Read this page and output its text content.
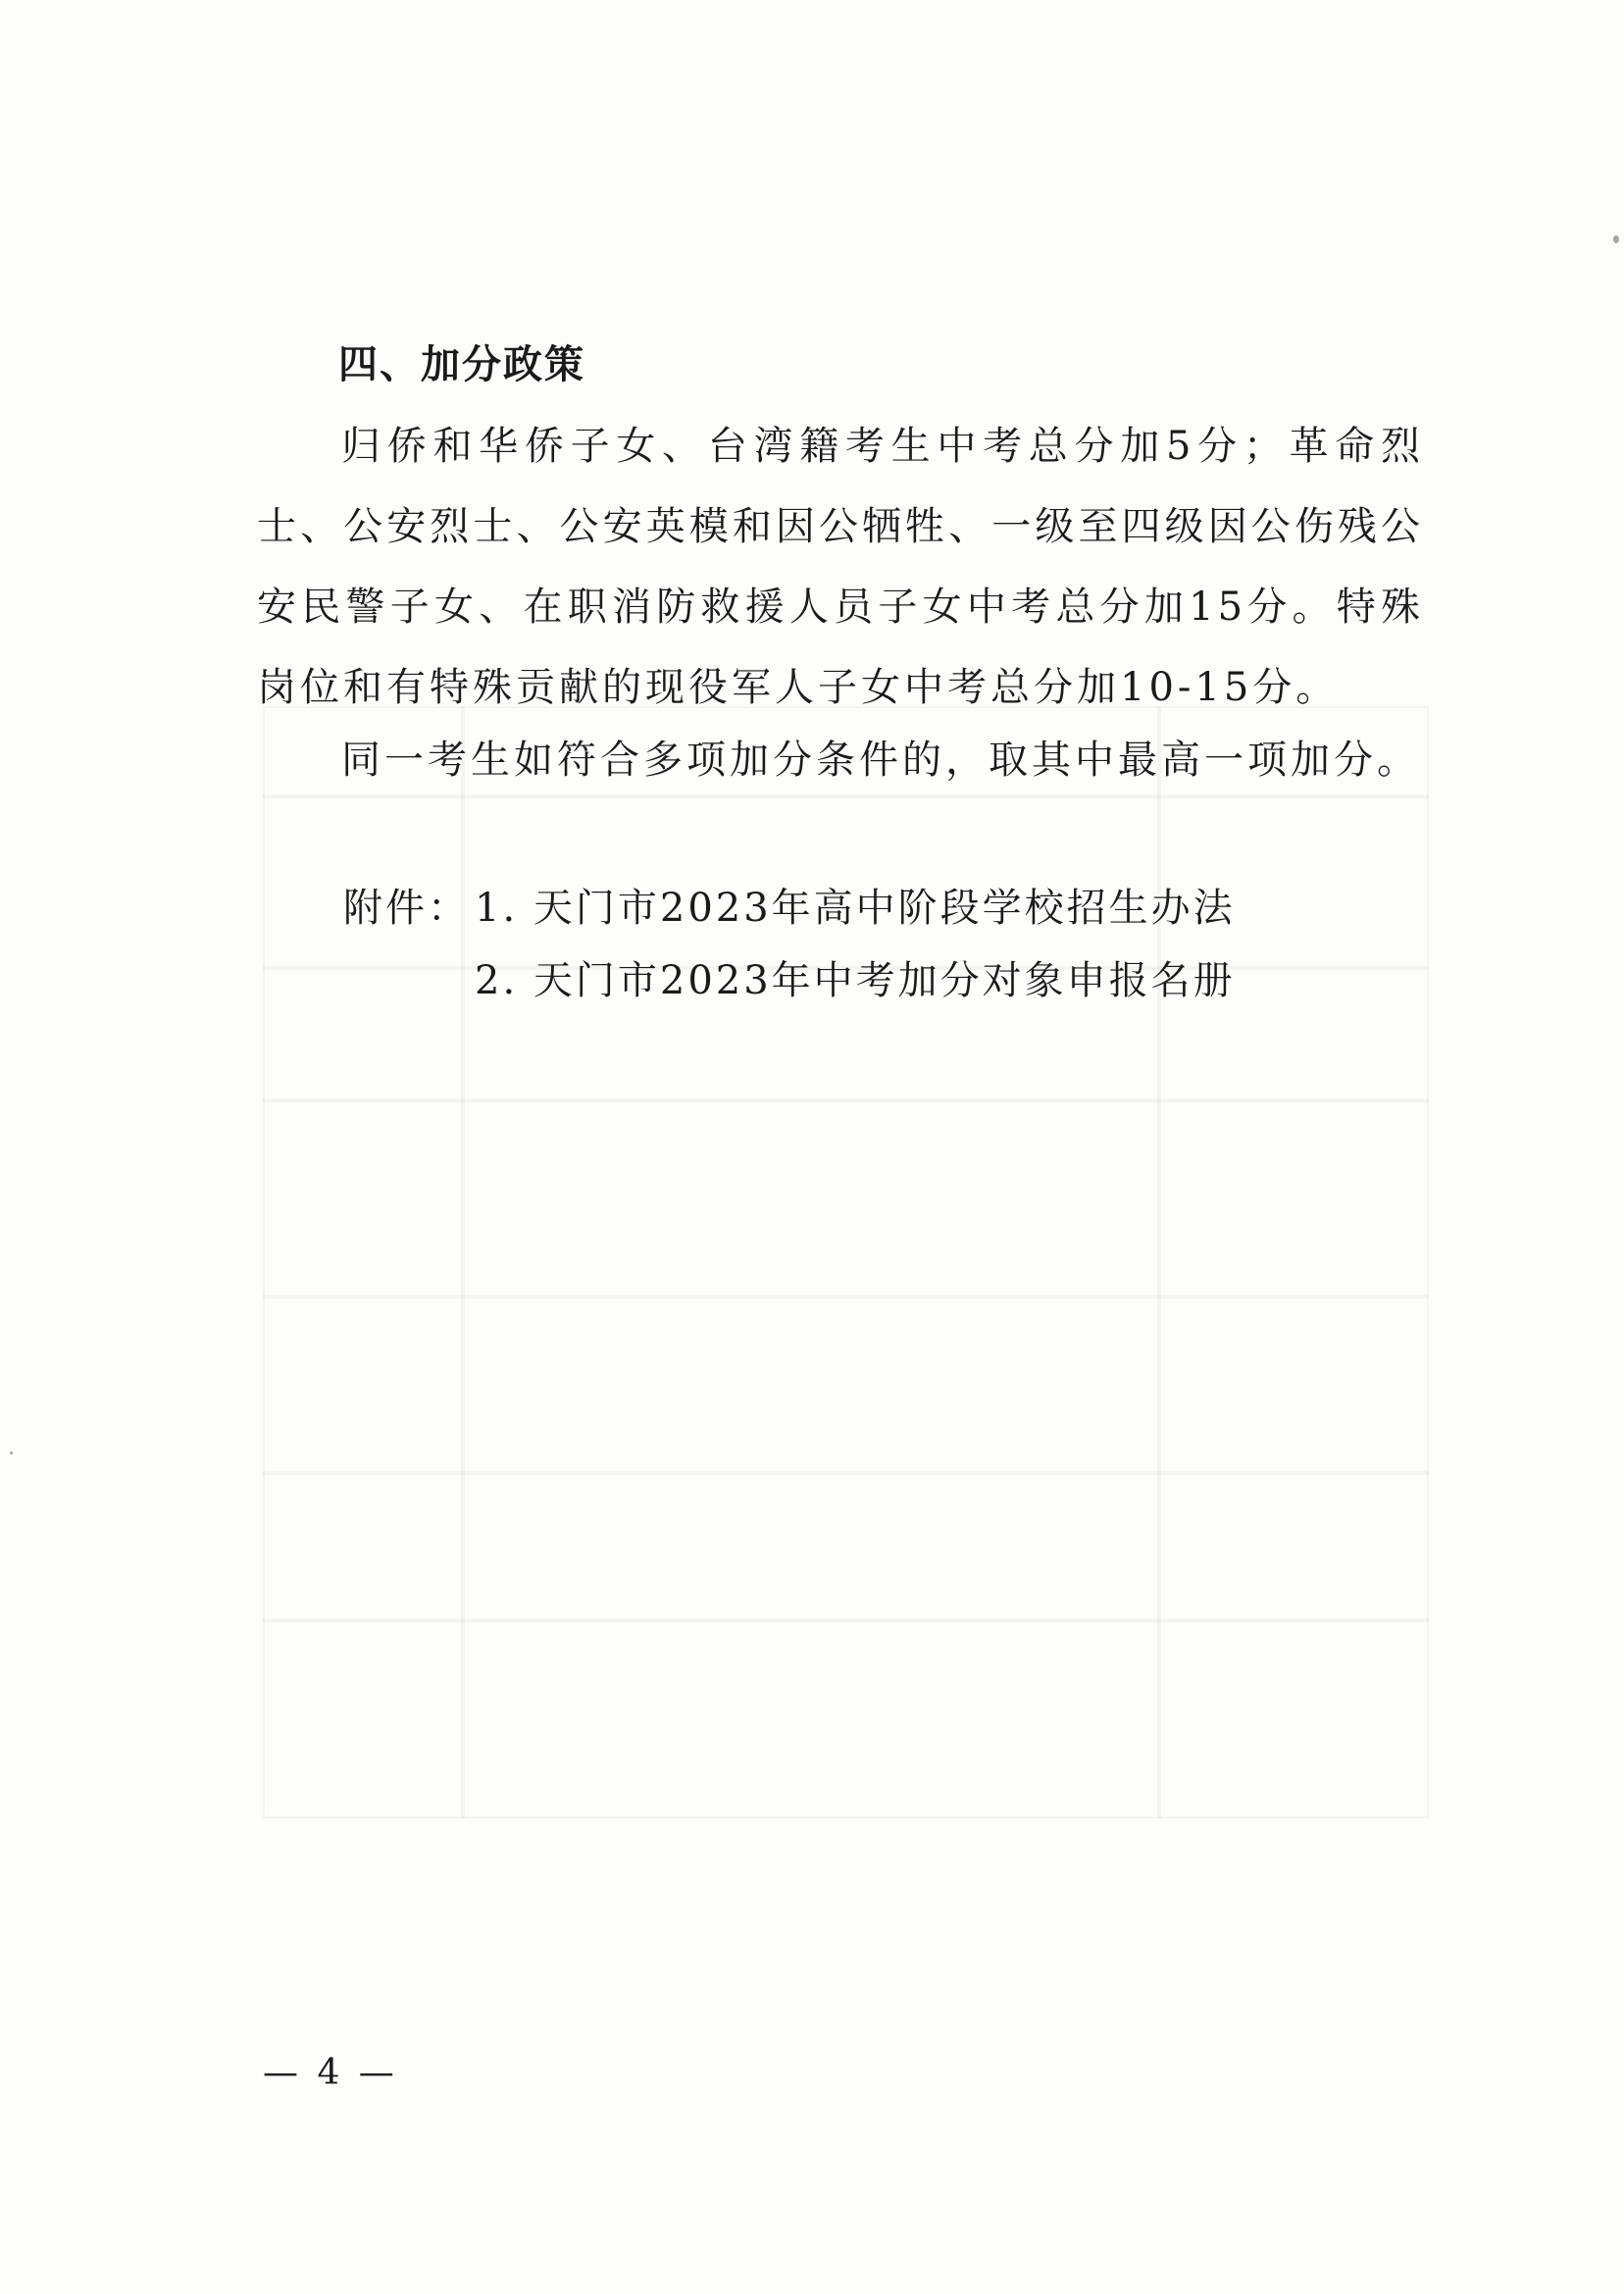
四、加分政策

归侨和华侨子女、台湾籍考生中考总分加5分；革命烈士、公安烈士、公安英模和因公牺牲、一级至四级因公伤残公安民警子女、在职消防救援人员子女中考总分加15分。特殊岗位和有特殊贡献的现役军人子女中考总分加10-15分。

同一考生如符合多项加分条件的，取其中最高一项加分。

附件： 1. 天门市2023年高中阶段学校招生办法
2. 天门市2023年中考加分对象申报名册
— 4 —
